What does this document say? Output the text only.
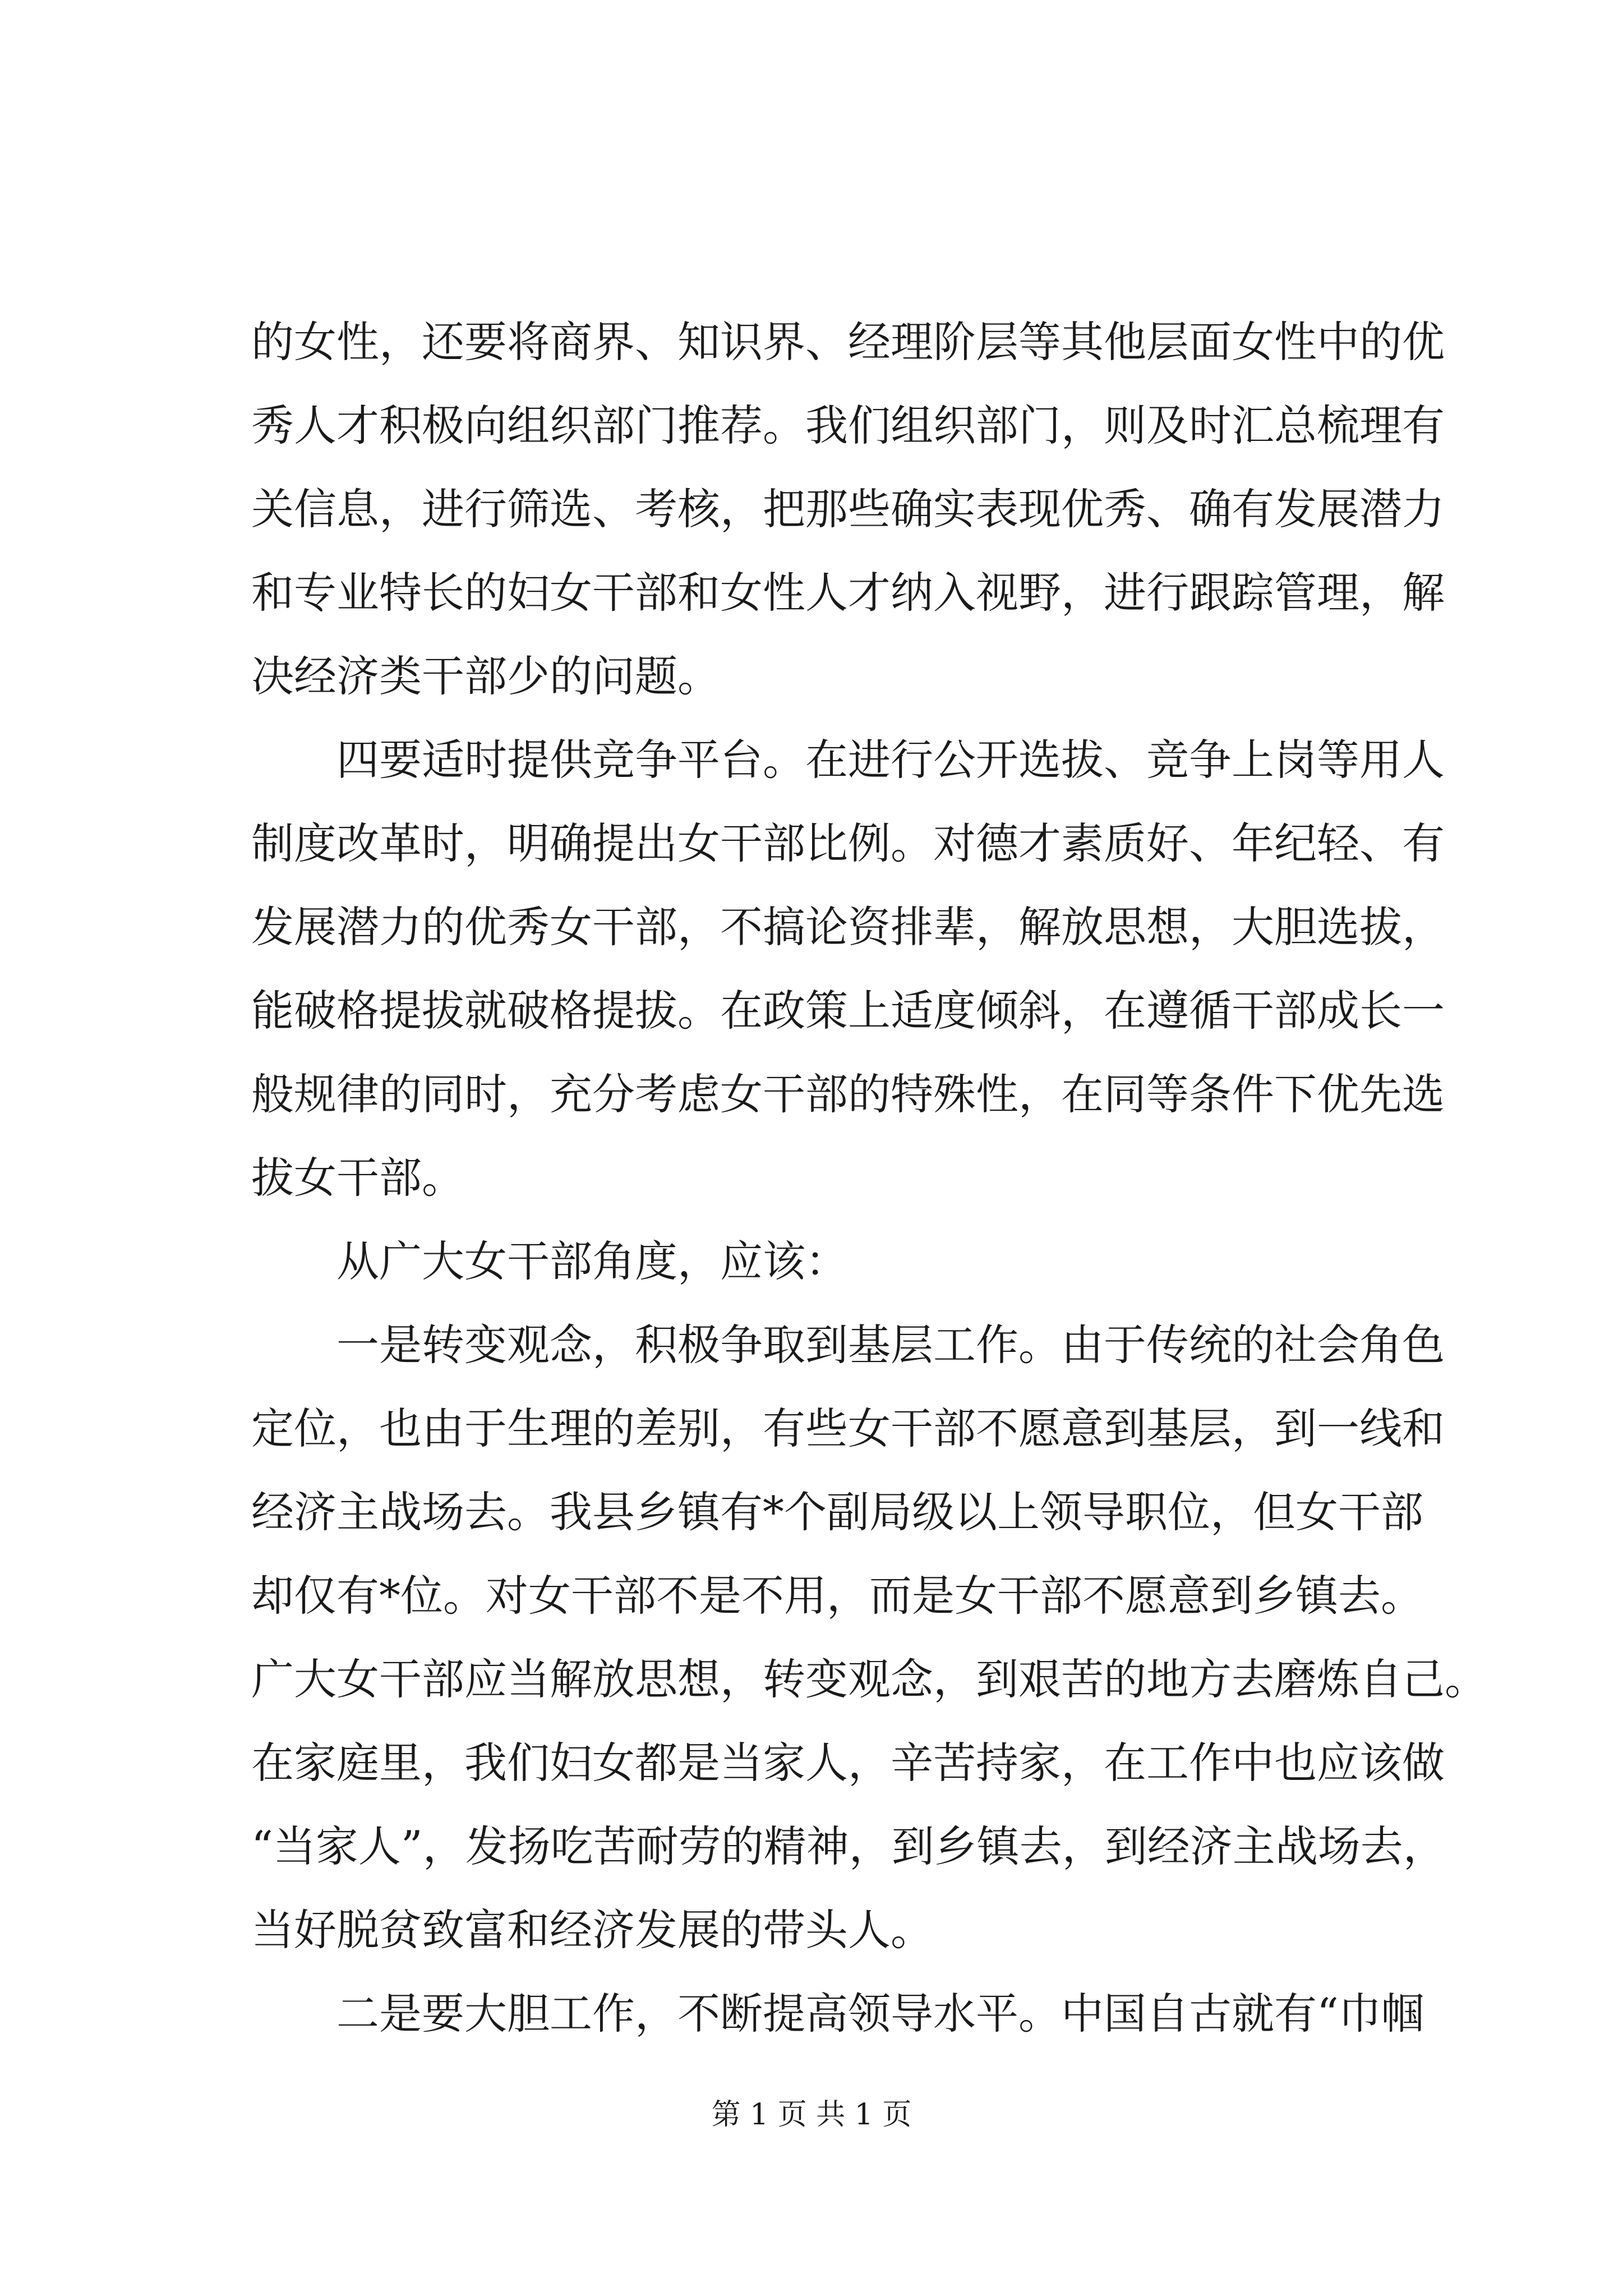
的女性，还要将商界、知识界、经理阶层等其他层面女性中的优
秀人才积极向组织部门推荐。我们组织部门，则及时汇总梳理有
关信息，进行筛选、考核，把那些确实表现优秀、确有发展潜力
和专业特长的妇女干部和女性人才纳入视野，进行跟踪管理，解
决经济类干部少的问题。
　　四要适时提供竞争平台。在进行公开选拔、竞争上岗等用人
制度改革时，明确提出女干部比例。对德才素质好、年纪轻、有
发展潜力的优秀女干部，不搞论资排辈，解放思想，大胆选拔，
能破格提拔就破格提拔。在政策上适度倾斜，在遵循干部成长一
般规律的同时，充分考虑女干部的特殊性，在同等条件下优先选
拔女干部。
　　从广大女干部角度，应该：
　　一是转变观念，积极争取到基层工作。由于传统的社会角色
定位，也由于生理的差别，有些女干部不愿意到基层，到一线和
经济主战场去。我县乡镇有*个副局级以上领导职位，但女干部
却仅有*位。对女干部不是不用，而是女干部不愿意到乡镇去。
广大女干部应当解放思想，转变观念，到艰苦的地方去磨炼自己。
在家庭里，我们妇女都是当家人，辛苦持家，在工作中也应该做
“当家人”，发扬吃苦耐劳的精神，到乡镇去，到经济主战场去，
当好脱贫致富和经济发展的带头人。
　　二是要大胆工作，不断提高领导水平。中国自古就有“巾帼
第 1 页 共 1 页
